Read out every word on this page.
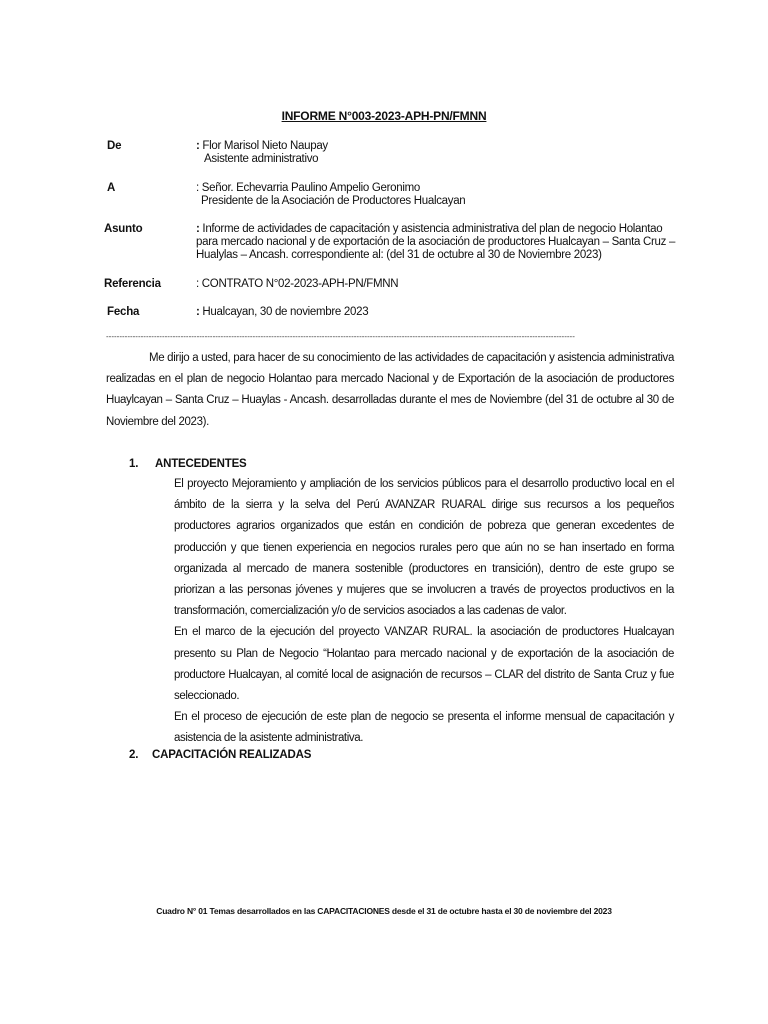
INFORME N°003-2023-APH-PN/FMNN
De	: Flor Marisol Nieto Naupay
Asistente administrativo
A	: Señor. Echevarria Paulino Ampelio Geronimo
Presidente de la Asociación de Productores Hualcayan
Asunto	: Informe de actividades de capacitación y asistencia administrativa del plan de negocio Holantao para mercado nacional y de exportación de la asociación de productores Hualcayan – Santa Cruz – Hualylas – Ancash. correspondiente al: (del 31 de octubre al 30 de Noviembre 2023)
Referencia	: CONTRATO N°02-2023-APH-PN/FMNN
Fecha	: Hualcayan, 30 de noviembre 2023
--------------------------------------------------------------------------------------------------------------------------------------------------------------------------------
Me dirijo a usted, para hacer de su conocimiento de las actividades de capacitación y asistencia administrativa realizadas en el plan de negocio Holantao para mercado Nacional y de Exportación de la asociación de productores Huaylcayan – Santa Cruz – Huaylas - Ancash. desarrolladas durante el mes de Noviembre (del 31 de octubre al 30 de Noviembre del 2023).
1. ANTECEDENTES

El proyecto Mejoramiento y ampliación de los servicios públicos para el desarrollo productivo local en el ámbito de la sierra y la selva del Perú AVANZAR RUARAL dirige sus recursos a los pequeños productores agrarios organizados que están en condición de pobreza que generan excedentes de producción y que tienen experiencia en negocios rurales pero que aún no se han insertado en forma organizada al mercado de manera sostenible (productores en transición), dentro de este grupo se priorizan a las personas jóvenes y mujeres que se involucren a través de proyectos productivos en la transformación, comercialización y/o de servicios asociados a las cadenas de valor.

En el marco de la ejecución del proyecto VANZAR RURAL. la asociación de productores Hualcayan presento su Plan de Negocio “Holantao para mercado nacional y de exportación de la asociación de productore Hualcayan, al comité local de asignación de recursos – CLAR del distrito de Santa Cruz y fue seleccionado.

En el proceso de ejecución de este plan de negocio se presenta el informe mensual de capacitación y asistencia de la asistente administrativa.

2. CAPACITACIÓN REALIZADAS
Cuadro N° 01 Temas desarrollados en las CAPACITACIONES desde el 31 de octubre hasta el 30 de noviembre del 2023
